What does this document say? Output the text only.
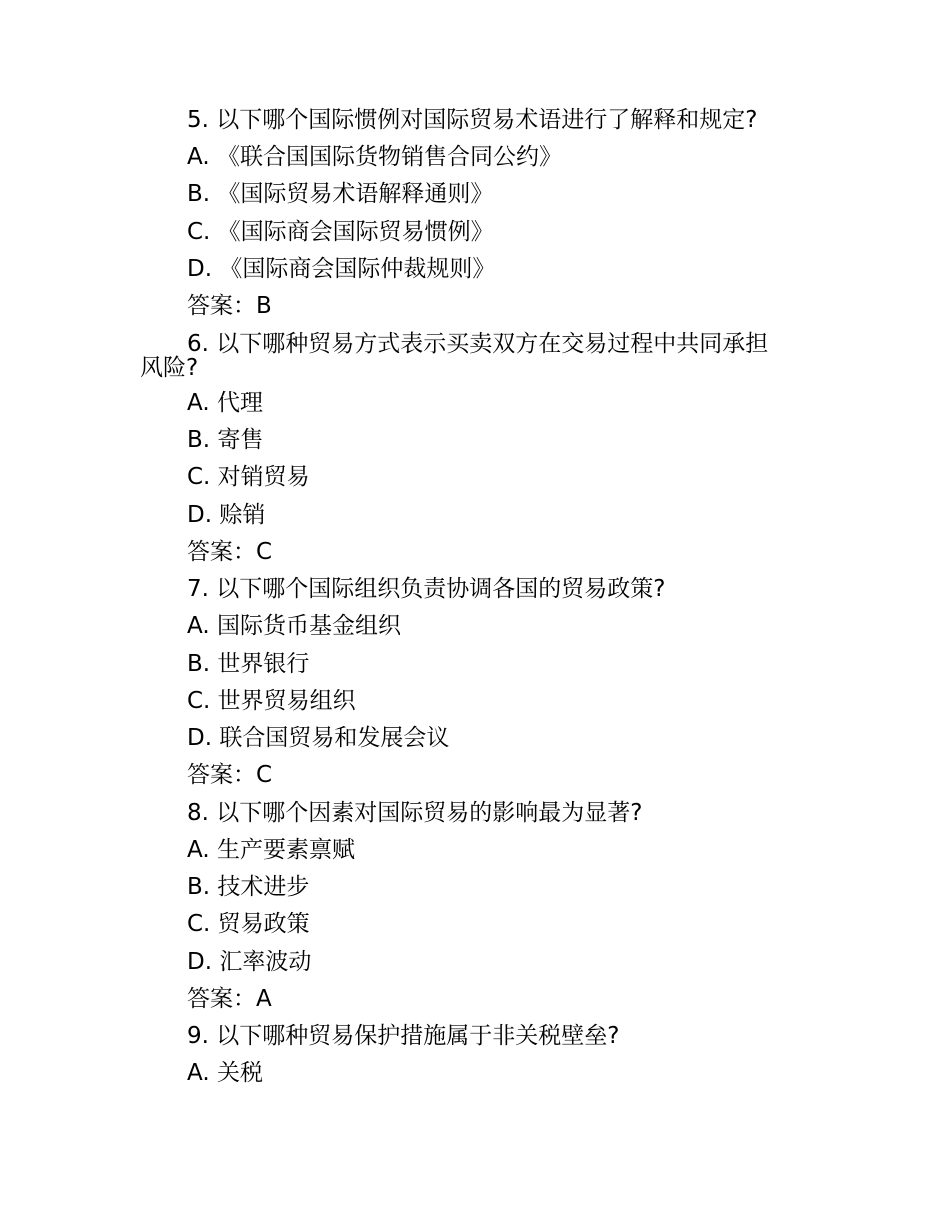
5. 以下哪个国际惯例对国际贸易术语进行了解释和规定?
A. 《联合国国际货物销售合同公约》
B. 《国际贸易术语解释通则》
C. 《国际商会国际贸易惯例》
D. 《国际商会国际仲裁规则》
答案：B
6. 以下哪种贸易方式表示买卖双方在交易过程中共同承担
风险?
A. 代理
B. 寄售
C. 对销贸易
D. 赊销
答案：C
7. 以下哪个国际组织负责协调各国的贸易政策?
A. 国际货币基金组织
B. 世界银行
C. 世界贸易组织
D. 联合国贸易和发展会议
答案：C
8. 以下哪个因素对国际贸易的影响最为显著?
A. 生产要素禀赋
B. 技术进步
C. 贸易政策
D. 汇率波动
答案：A
9. 以下哪种贸易保护措施属于非关税壁垒?
A. 关税
